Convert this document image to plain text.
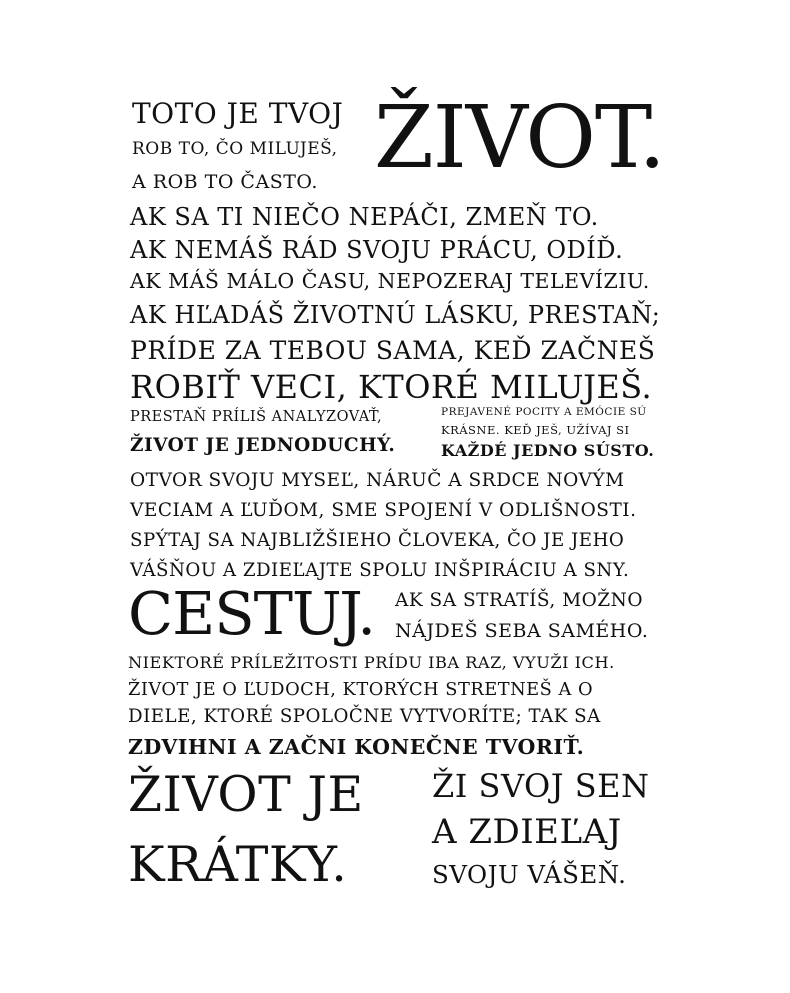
TOTO JE TVOJ
ROB TO, ČO MILUJEŠ,
A ROB TO ČASTO. ŽIVOT.
AK SA TI NIEČO NEPÁČI, ZMEŇ TO.
AK NEMÁŠ RÁD SVOJU PRÁCU, ODÍĎ.
AK MÁŠ MÁLO ČASU, NEPOZERAJ TELEVÍZIU.
AK HĽADÁŠ ŽIVOTNÚ LÁSKU, PRESTAŇ;
PRÍDE ZA TEBOU SAMA, KEĎ ZAČNEŠ
ROBIŤ VECI, KTORÉ MILUJEŠ.
PRESTAŇ PRÍLIŠ ANALYZOVAŤ,
ŽIVOT JE JEDNODUCHÝ.
PREJAVENÉ POCITY A EMÓCIE SÚ
KRÁSNE. KEĎ JEŠ, UŽÍVAJ SI
KAŽDÉ JEDNO SÚSTO.
OTVOR SVOJU MYSEĽ, NÁRUČ A SRDCE NOVÝM
VECIAM A ĽUĎOM, SME SPOJENÍ V ODLIŠNOSTI.
SPÝTAJ SA NAJBLIŽŠIEHO ČLOVEKA, ČO JE JEHO
VÁŠŇOU A ZDIEĽAJTE SPOLU INŠPIRÁCIU A SNY.
CESTUJ. AK SA STRATÍŠ, MOŽNO
NÁJDEŠ SEBA SAMÉHO.
NIEKTORÉ PRÍLEŽITOSTI PRÍDU IBA RAZ, VYUŽI ICH.
ŽIVOT JE O ĽUDOCH, KTORÝCH STRETNEŠ A O
DIELE, KTORÉ SPOLOČNE VYTVORÍTE; TAK SA
ZDVIHNI A ZAČNI KONEČNE TVORIŤ.
ŽIVOT JE
KRÁTKY.
ŽI SVOJ SEN
A ZDIEĽAJ
SVOJU VÁŠEŇ.
